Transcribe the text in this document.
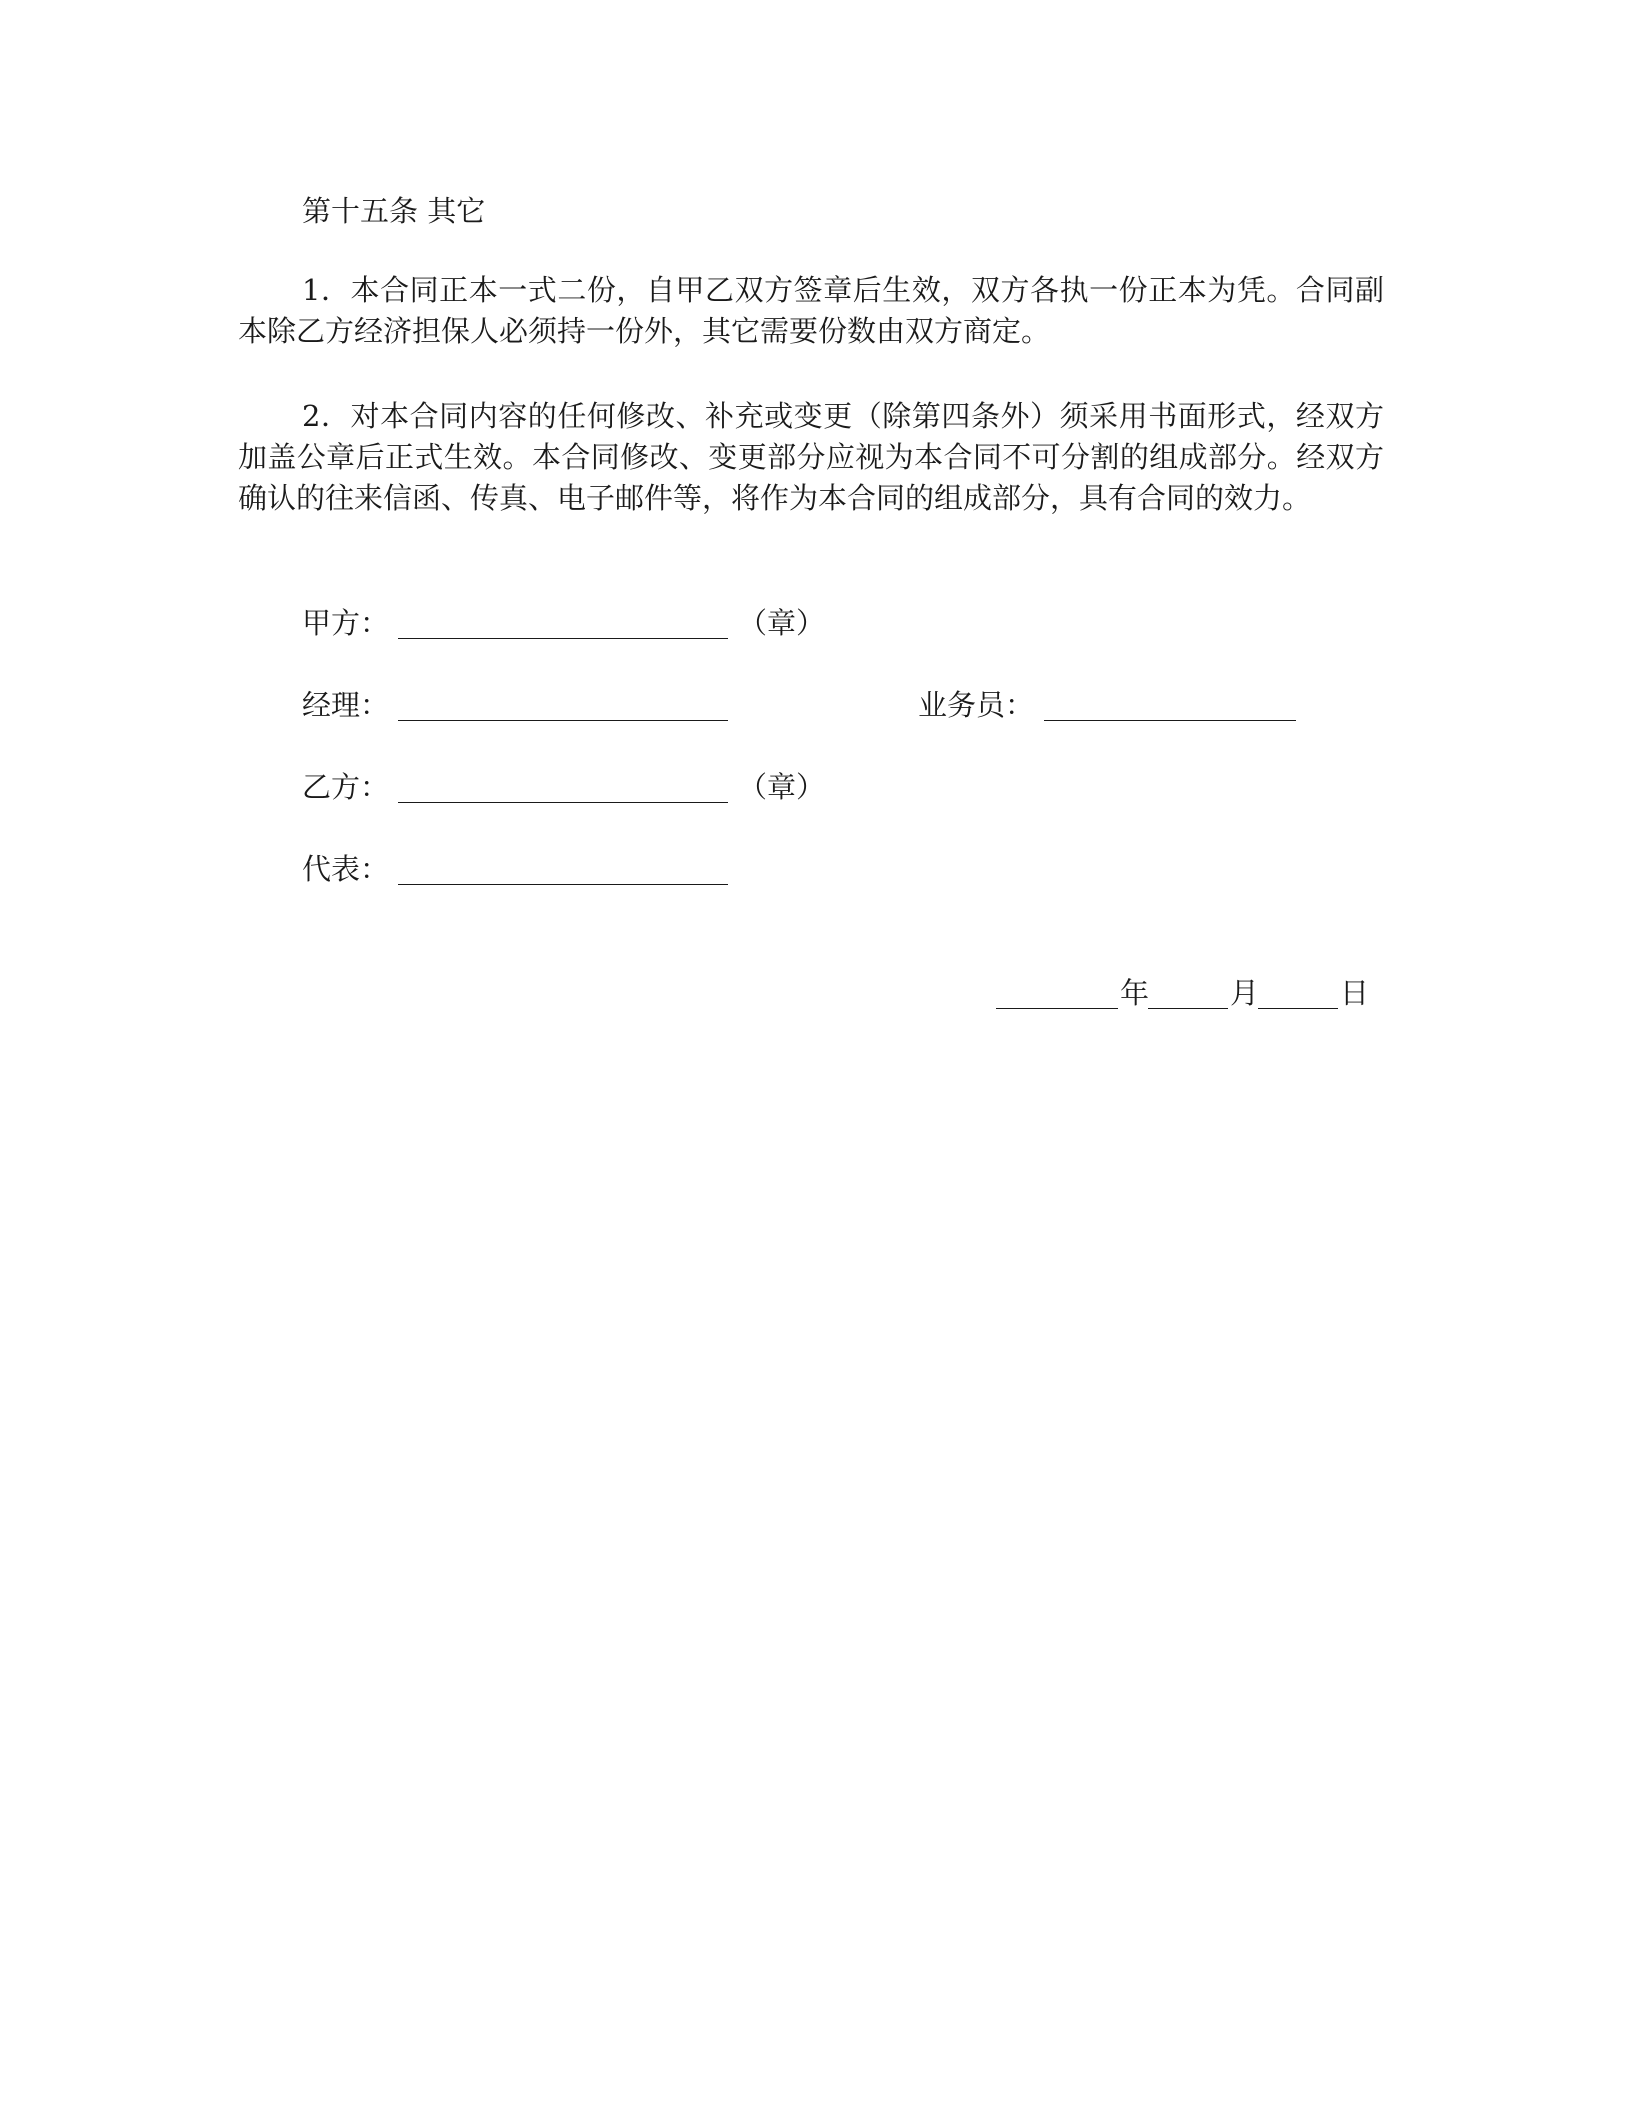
第十五条 其它

1．本合同正本一式二份，自甲乙双方签章后生效，双方各执一份正本为凭。合同副本除乙方经济担保人必须持一份外，其它需要份数由双方商定。

2．对本合同内容的任何修改、补充或变更（除第四条外）须采用书面形式，经双方加盖公章后正式生效。本合同修改、变更部分应视为本合同不可分割的组成部分。经双方确认的往来信函、传真、电子邮件等，将作为本合同的组成部分，具有合同的效力。

甲方：	（章）
经理：	业务员：
乙方：	（章）
代表：
年	月	日
